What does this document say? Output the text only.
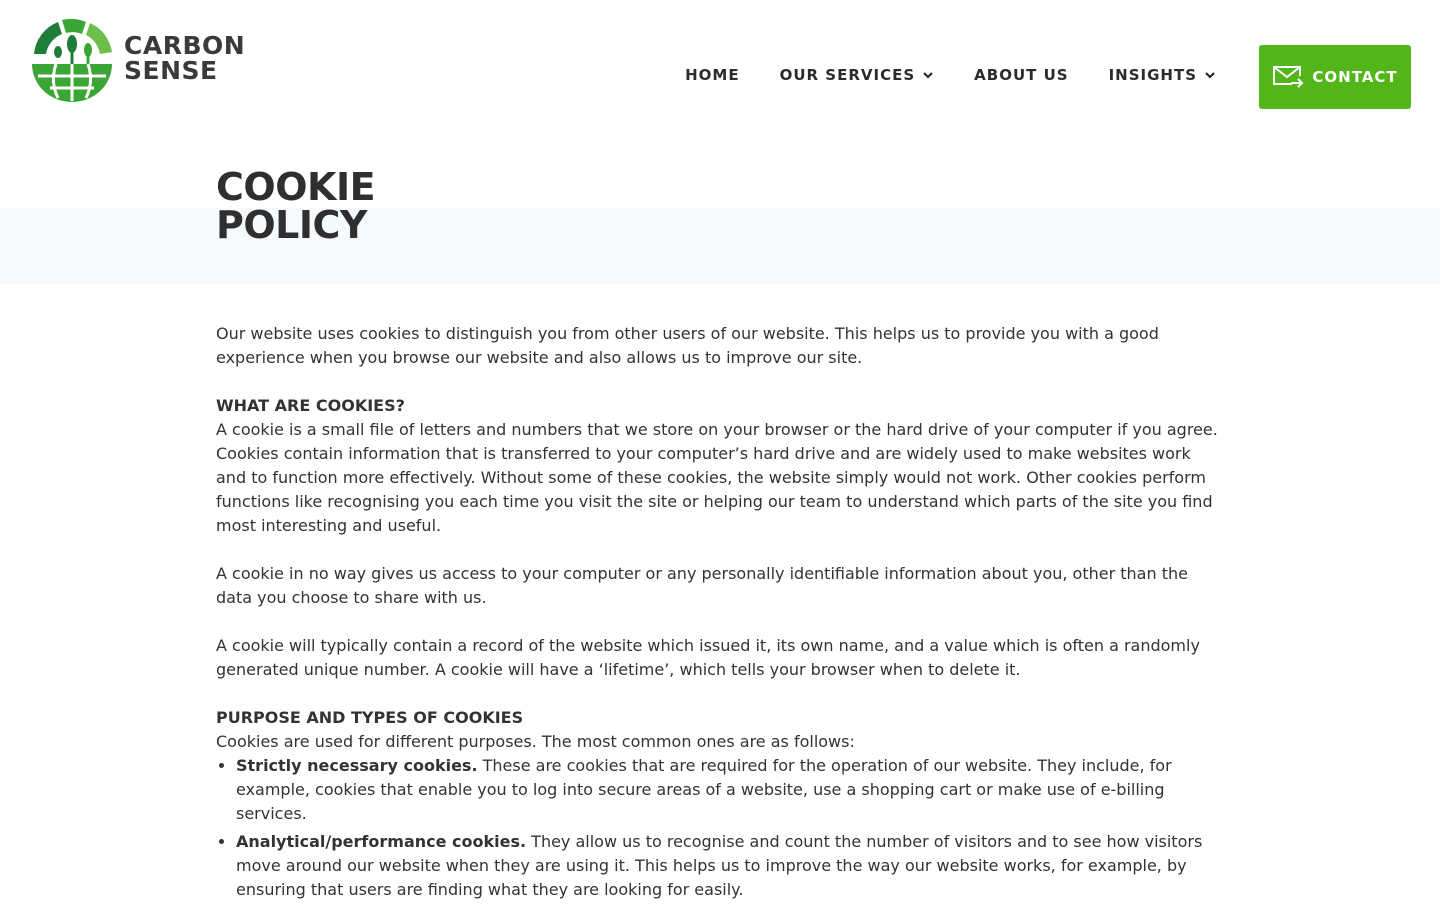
CARBON
SENSE	HOME	OUR SERVICES	ABOUT US	INSIGHTS	CONTACT
COOKIE
POLICY

Our website uses cookies to distinguish you from other users of our website. This helps us to provide you with a good experience when you browse our website and also allows us to improve our site.

WHAT ARE COOKIES?

A cookie is a small file of letters and numbers that we store on your browser or the hard drive of your computer if you agree. Cookies contain information that is transferred to your computer’s hard drive and are widely used to make websites work and to function more effectively. Without some of these cookies, the website simply would not work. Other cookies perform functions like recognising you each time you visit the site or helping our team to understand which parts of the site you find most interesting and useful.

A cookie in no way gives us access to your computer or any personally identifiable information about you, other than the data you choose to share with us.

A cookie will typically contain a record of the website which issued it, its own name, and a value which is often a randomly generated unique number. A cookie will have a ‘lifetime’, which tells your browser when to delete it.

PURPOSE AND TYPES OF COOKIES

Cookies are used for different purposes. The most common ones are as follows:

• Strictly necessary cookies. These are cookies that are required for the operation of our website. They include, for example, cookies that enable you to log into secure areas of a website, use a shopping cart or make use of e-billing services.
• Analytical/performance cookies. They allow us to recognise and count the number of visitors and to see how visitors move around our website when they are using it. This helps us to improve the way our website works, for example, by ensuring that users are finding what they are looking for easily.
